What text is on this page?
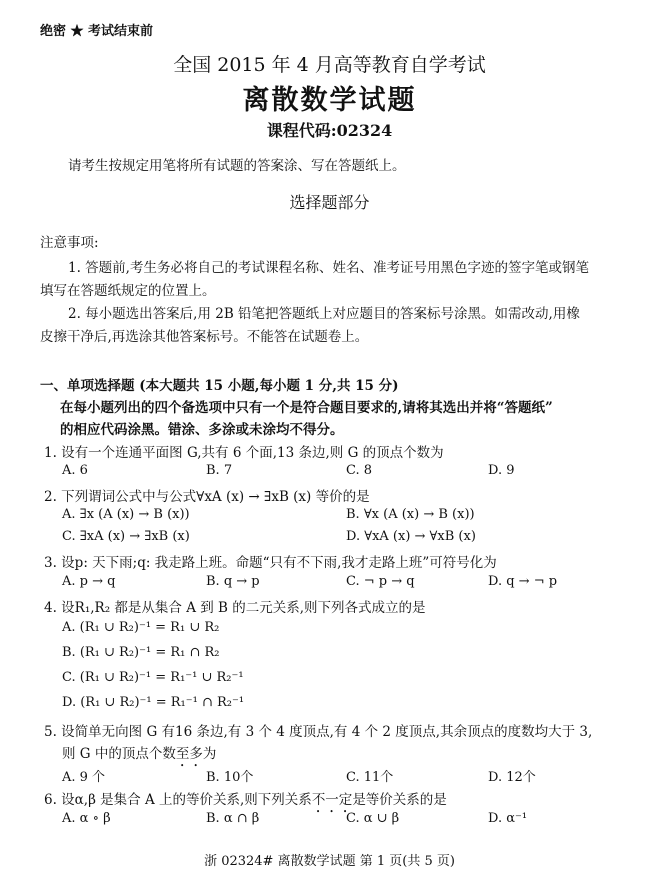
绝密 ★ 考试结束前
全国 2015 年 4 月高等教育自学考试
离散数学试题
课程代码:02324
请考生按规定用笔将所有试题的答案涂、写在答题纸上。
选择题部分
注意事项:
1. 答题前,考生务必将自己的考试课程名称、姓名、准考证号用黑色字迹的签字笔或钢笔
填写在答题纸规定的位置上。
2. 每小题选出答案后,用 2B 铅笔把答题纸上对应题目的答案标号涂黑。如需改动,用橡
皮擦干净后,再选涂其他答案标号。不能答在试题卷上。
一、单项选择题 (本大题共 15 小题,每小题 1 分,共 15 分)
在每小题列出的四个备选项中只有一个是符合题目要求的,请将其选出并将“答题纸”
的相应代码涂黑。错涂、多涂或未涂均不得分。
1. 设有一个连通平面图 G,共有 6 个面,13 条边,则 G 的顶点个数为
A. 6	B. 7	C. 8	D. 9
2. 下列谓词公式中与公式∀xA (x) → ∃xB (x) 等价的是
A. ∃x (A (x) → B (x))	B. ∀x (A (x) → B (x))
C. ∃xA (x) → ∃xB (x)	D. ∀xA (x) → ∀xB (x)
3. 设p: 天下雨;q: 我走路上班。命题“只有不下雨,我才走路上班”可符号化为
A. p → q	B. q → p	C. ¬ p → q	D. q → ¬ p
4. 设R₁,R₂ 都是从集合 A 到 B 的二元关系,则下列各式成立的是
A. (R₁ ∪ R₂)⁻¹ = R₁ ∪ R₂
B. (R₁ ∪ R₂)⁻¹ = R₁ ∩ R₂
C. (R₁ ∪ R₂)⁻¹ = R₁⁻¹ ∪ R₂⁻¹
D. (R₁ ∪ R₂)⁻¹ = R₁⁻¹ ∩ R₂⁻¹
5. 设简单无向图 G 有16 条边,有 3 个 4 度顶点,有 4 个 2 度顶点,其余顶点的度数均大于 3,
则 G 中的顶点个数至多为
A. 9 个	B. 10个	C. 11个	D. 12个
6. 设α,β 是集合 A 上的等价关系,则下列关系不一定是等价关系的是
A. α ∘ β	B. α ∩ β	C. α ∪ β	D. α⁻¹
浙 02324# 离散数学试题 第 1 页(共 5 页)
